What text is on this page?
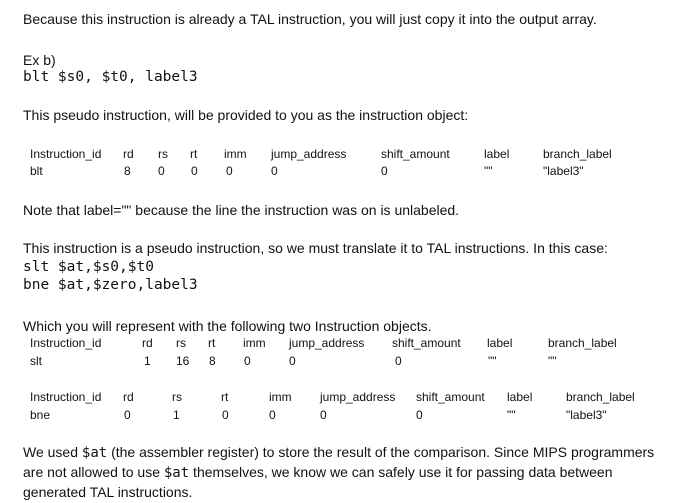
Because this instruction is already a TAL instruction, you will just copy it into the output array.
Ex b)
blt $s0, $t0, label3
This pseudo instruction, will be provided to you as the instruction object:
Instruction_id rd rs rt imm jump_address	shift_amount	label	branch_label
blt	8 0 0 0	0	0	""	"label3"
Note that label="" because the line the instruction was on is unlabeled.
This instruction is a pseudo instruction, so we must translate it to TAL instructions. In this case:
slt $at,$s0,$t0
bne $at,$zero,label3
Which you will represent with the following two Instruction objects.
Instruction_id	rd rs rt imm jump_address shift_amount label	branch_label
slt	1 16 8 0	0	0	""	""
Instruction_id rd	rs	rt	imm jump_address shift_amount label	branch_label
bne	0	1	0	0	0	0	""	"label3"
We used $at (the assembler register) to store the result of the comparison. Since MIPS programmers are not allowed to use $at themselves, we know we can safely use it for passing data between generated TAL instructions.
